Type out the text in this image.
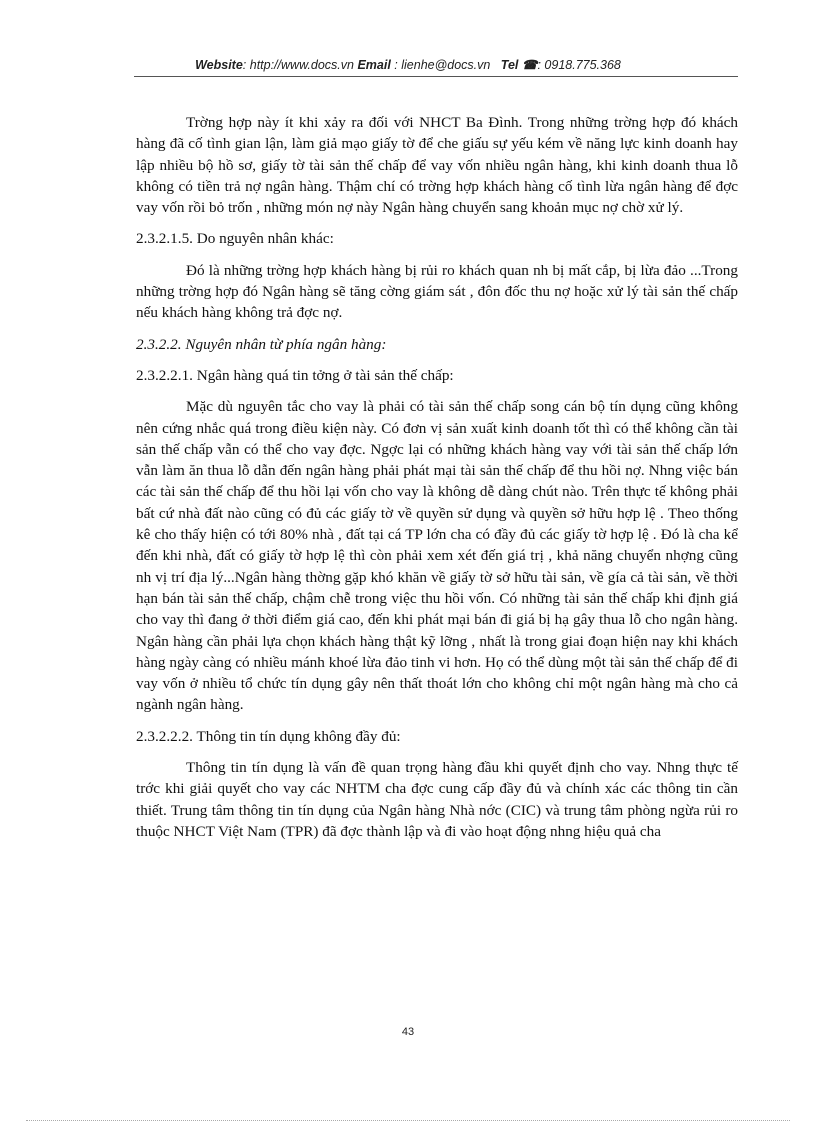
Website: http://www.docs.vn Email : lienhe@docs.vn Tel ☎: 0918.775.368

Trờng hợp này ít khi xảy ra đối với NHCT Ba Đình. Trong những trờng hợp đó khách hàng đã cố tình gian lận, làm giả mạo giấy tờ để che giấu sự yếu kém về năng lực kinh doanh hay lập nhiều bộ hồ sơ, giấy tờ tài sản thế chấp để vay vốn nhiều ngân hàng, khi kinh doanh thua lỗ không có tiền trả nợ ngân hàng. Thậm chí có trờng hợp khách hàng cố tình lừa ngân hàng để đợc vay vốn rồi bỏ trốn , những món nợ này Ngân hàng chuyển sang khoản mục nợ chờ xử lý.

2.3.2.1.5. Do nguyên nhân khác:

Đó là những trờng hợp khách hàng bị rủi ro khách quan nh bị mất cắp, bị lừa đảo ...Trong những trờng hợp đó Ngân hàng sẽ tăng cờng giám sát , đôn đốc thu nợ hoặc xử lý tài sản thế chấp nếu khách hàng không trả đợc nợ.

2.3.2.2. Nguyên nhân từ phía ngân hàng:

2.3.2.2.1. Ngân hàng quá tin tởng ở tài sản thế chấp:

Mặc dù nguyên tắc cho vay là phải có tài sản thế chấp song cán bộ tín dụng cũng không nên cứng nhắc quá trong điều kiện này. Có đơn vị sản xuất kinh doanh tốt thì có thể không cần tài sản thế chấp vẫn có thể cho vay đợc. Ngợc lại có những khách hàng vay với tài sản thế chấp lớn vẫn làm ăn thua lỗ dẫn đến ngân hàng phải phát mại tài sản thế chấp để thu hồi nợ. Nhng việc bán các tài sản thế chấp để thu hồi lại vốn cho vay là không dễ dàng chút nào. Trên thực tế không phải bất cứ nhà đất nào cũng có đủ các giấy tờ về quyền sử dụng và quyền sở hữu hợp lệ . Theo thống kê cho thấy hiện có tới 80% nhà , đất tại cá TP lớn cha có đầy đủ các giấy tờ hợp lệ . Đó là cha kể đến khi nhà, đất có giấy tờ hợp lệ thì còn phải xem xét đến giá trị , khả năng chuyển nhợng cũng nh vị trí địa lý...Ngân hàng thờng gặp khó khăn về giấy tờ sở hữu tài sản, về gía cả tài sản, về thời hạn bán tài sản thế chấp, chậm chễ trong việc thu hồi vốn. Có những tài sản thế chấp khi định giá cho vay thì đang ở thời điểm giá cao, đến khi phát mại bán đi giá bị hạ gây thua lỗ cho ngân hàng. Ngân hàng cần phải lựa chọn khách hàng thật kỹ lỡng , nhất là trong giai đoạn hiện nay khi khách hàng ngày càng có nhiều mánh khoé lừa đảo tinh vi hơn. Họ có thể dùng một tài sản thế chấp để đi vay vốn ở nhiều tổ chức tín dụng gây nên thất thoát lớn cho không chỉ một ngân hàng mà cho cả ngành ngân hàng.

2.3.2.2.2. Thông tin tín dụng không đầy đủ:

Thông tin tín dụng là vấn đề quan trọng hàng đầu khi quyết định cho vay. Nhng thực tế trớc khi giải quyết cho vay các NHTM cha đợc cung cấp đầy đủ và chính xác các thông tin cần thiết. Trung tâm thông tin tín dụng của Ngân hàng Nhà nớc (CIC) và trung tâm phòng ngừa rủi ro thuộc NHCT Việt Nam (TPR) đã đợc thành lập và đi vào hoạt động nhng hiệu quả cha

43
